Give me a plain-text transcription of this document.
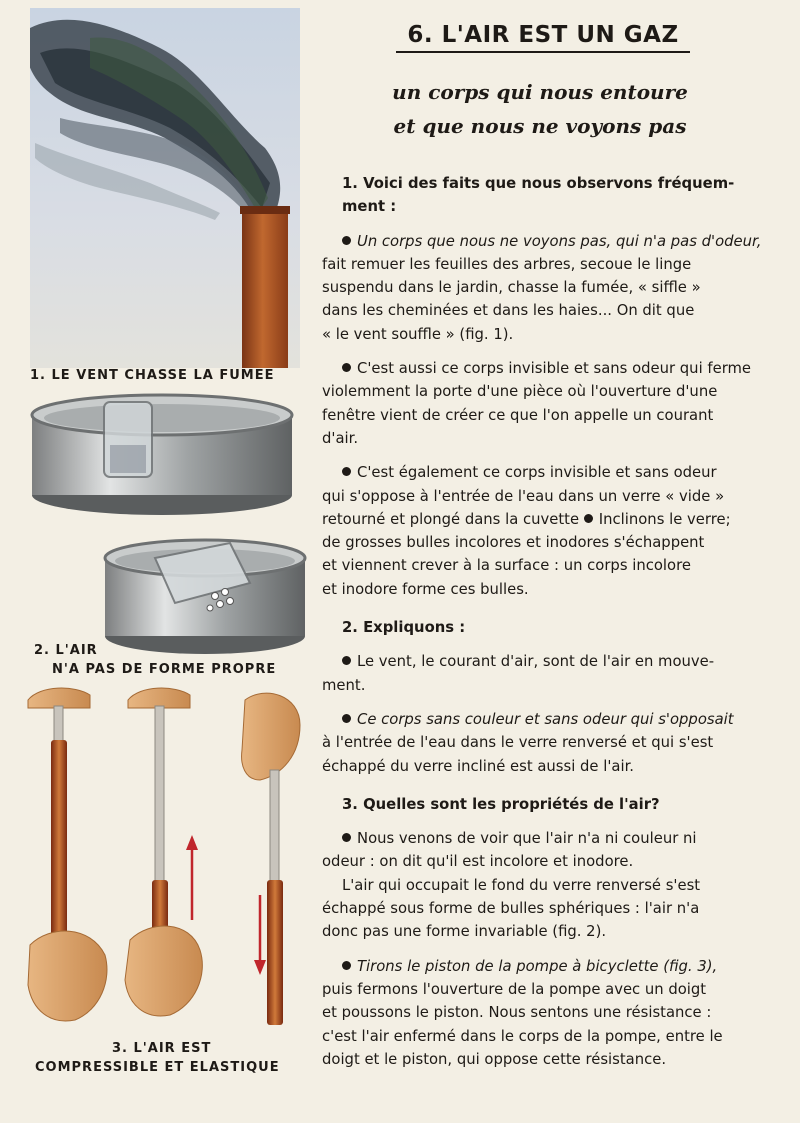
1. LE VENT CHASSE LA FUMEE
2. L'AIR
N'A PAS DE FORME PROPRE
3. L'AIR EST
COMPRESSIBLE ET ELASTIQUE
6. L'AIR EST UN GAZ
un corps qui nous entoure
et que nous ne voyons pas

1. Voici des faits que nous observons fréquem-
ment :

Un corps que nous ne voyons pas, qui n'a pas d'odeur,
fait remuer les feuilles des arbres, secoue le linge
suspendu dans le jardin, chasse la fumée, « siffle »
dans les cheminées et dans les haies... On dit que
« le vent souffle » (fig. 1).

C'est aussi ce corps invisible et sans odeur qui ferme
violemment la porte d'une pièce où l'ouverture d'une
fenêtre vient de créer ce que l'on appelle un courant
d'air.

C'est également ce corps invisible et sans odeur
qui s'oppose à l'entrée de l'eau dans un verre « vide »
retourné et plongé dans la cuvette Inclinons le verre;
de grosses bulles incolores et inodores s'échappent
et viennent crever à la surface : un corps incolore
et inodore forme ces bulles.

2. Expliquons :

Le vent, le courant d'air, sont de l'air en mouve-
ment.

Ce corps sans couleur et sans odeur qui s'opposait
à l'entrée de l'eau dans le verre renversé et qui s'est
échappé du verre incliné est aussi de l'air.

3. Quelles sont les propriétés de l'air?

Nous venons de voir que l'air n'a ni couleur ni
odeur : on dit qu'il est incolore et inodore.
L'air qui occupait le fond du verre renversé s'est
échappé sous forme de bulles sphériques : l'air n'a
donc pas une forme invariable (fig. 2).

Tirons le piston de la pompe à bicyclette (fig. 3),
puis fermons l'ouverture de la pompe avec un doigt
et poussons le piston. Nous sentons une résistance :
c'est l'air enfermé dans le corps de la pompe, entre le
doigt et le piston, qui oppose cette résistance.
